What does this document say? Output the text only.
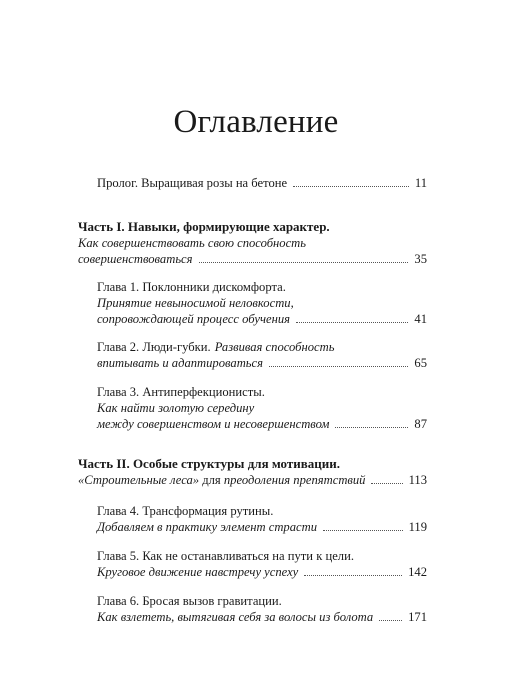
Оглавление
Пролог. Выращивая розы на бетоне	11
Часть I. Навыки, формирующие характер.
Как совершенствовать свою способность
совершенствоваться	35
Глава 1. Поклонники дискомфорта.
Принятие невыносимой неловкости,
сопровождающей процесс обучения	41
Глава 2. Люди-губки. Развивая способность
впитывать и адаптироваться	65
Глава 3. Антиперфекционисты.
Как найти золотую середину
между совершенством и несовершенством	87
Часть II. Особые структуры для мотивации.
«Строительные леса» для преодоления препятствий	113
Глава 4. Трансформация рутины.
Добавляем в практику элемент страсти	119
Глава 5. Как не останавливаться на пути к цели.
Круговое движение навстречу успеху	142
Глава 6. Бросая вызов гравитации.
Как взлететь, вытягивая себя за волосы из болота	171
